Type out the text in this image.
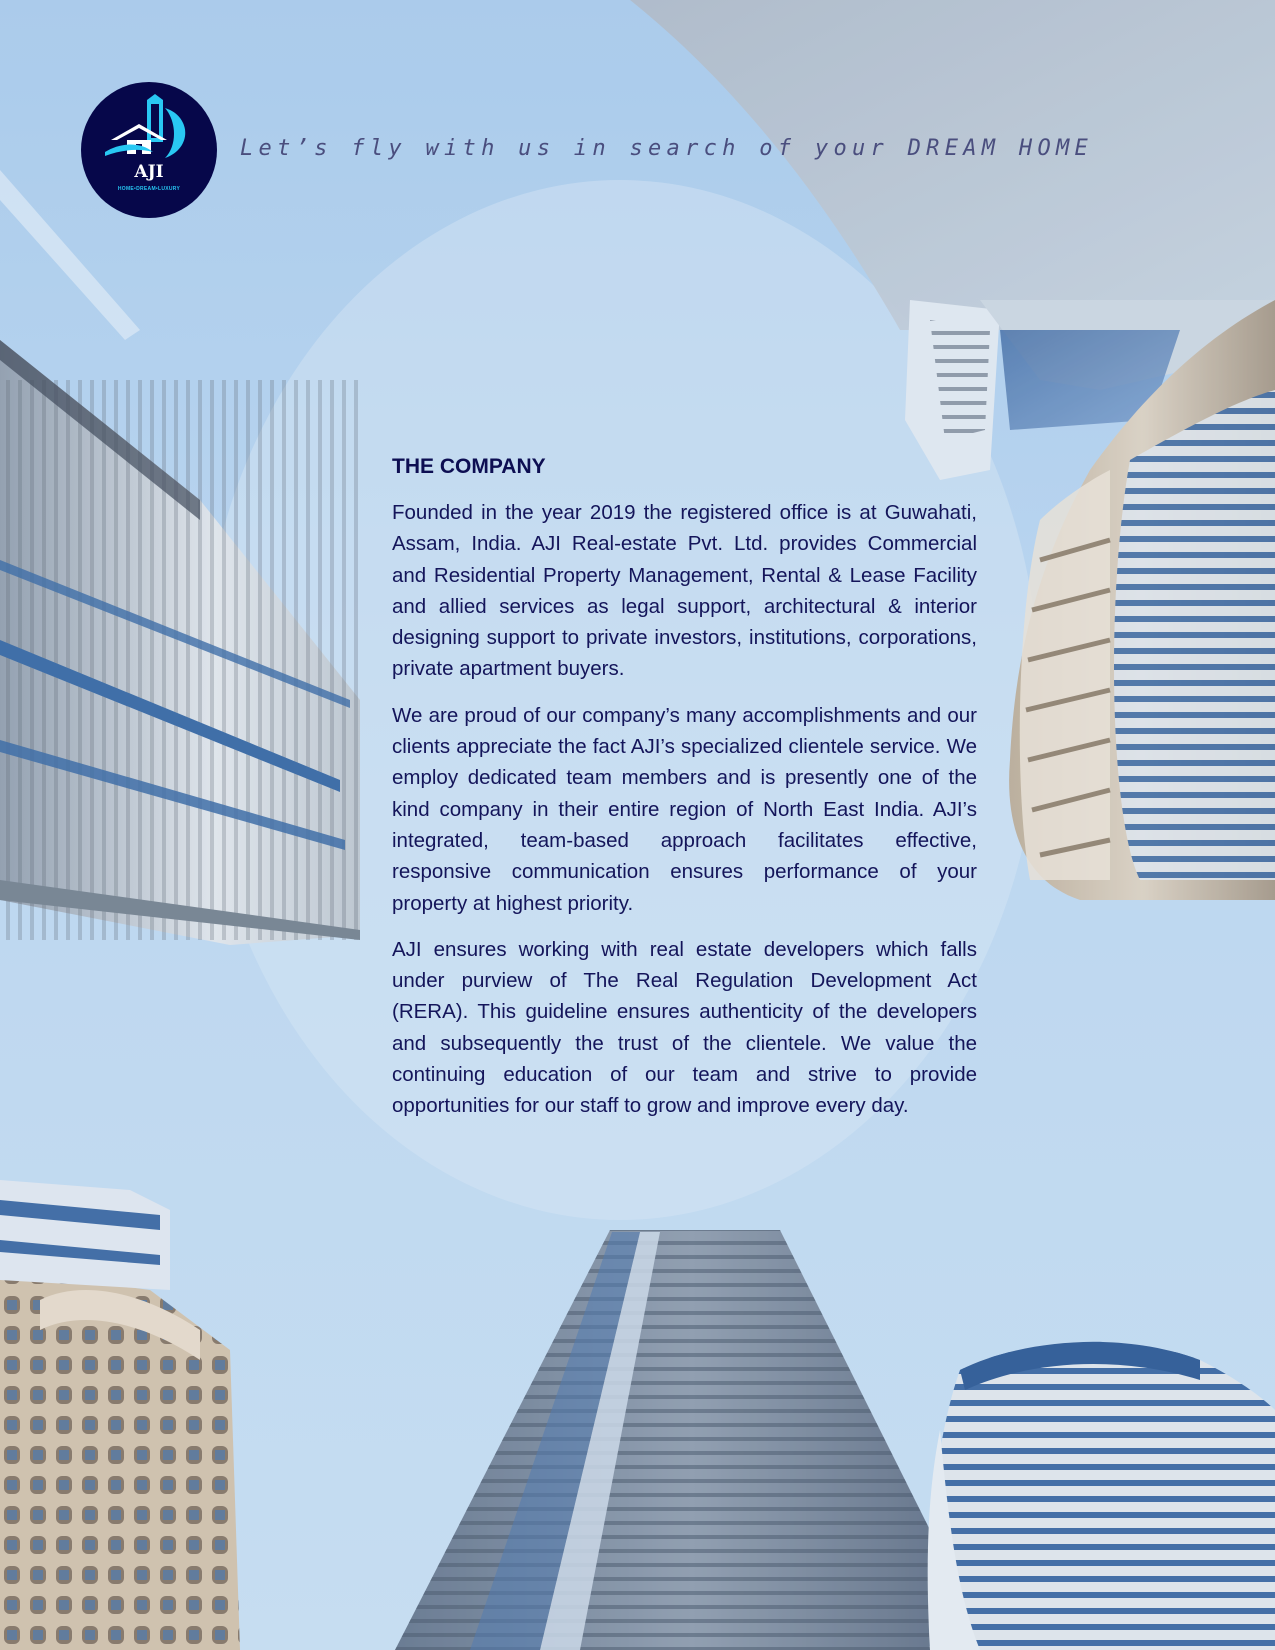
AJI
HOME•DREAM•LUXURY
Let’s fly with us in search of your DREAM HOME
THE COMPANY

Founded in the year 2019 the registered office is at Guwahati, Assam, India. AJI Real-estate Pvt. Ltd. provides Commercial and Residential Property Management, Rental & Lease Facility and allied services as legal support, architectural & interior designing support to private investors, institutions, corporations, private apartment buyers.

We are proud of our company’s many accomplishments and our clients appreciate the fact AJI’s specialized clientele service. We employ dedicated team members and is presently one of the kind company in their entire region of North East India. AJI’s integrated, team-based approach facilitates effective, responsive communication ensures performance of your property at highest priority.

AJI ensures working with real estate developers which falls under purview of The Real Regulation Development Act (RERA). This guideline ensures authenticity of the developers and subsequently the trust of the clientele. We value the continuing education of our team and strive to provide opportunities for our staff to grow and improve every day.
